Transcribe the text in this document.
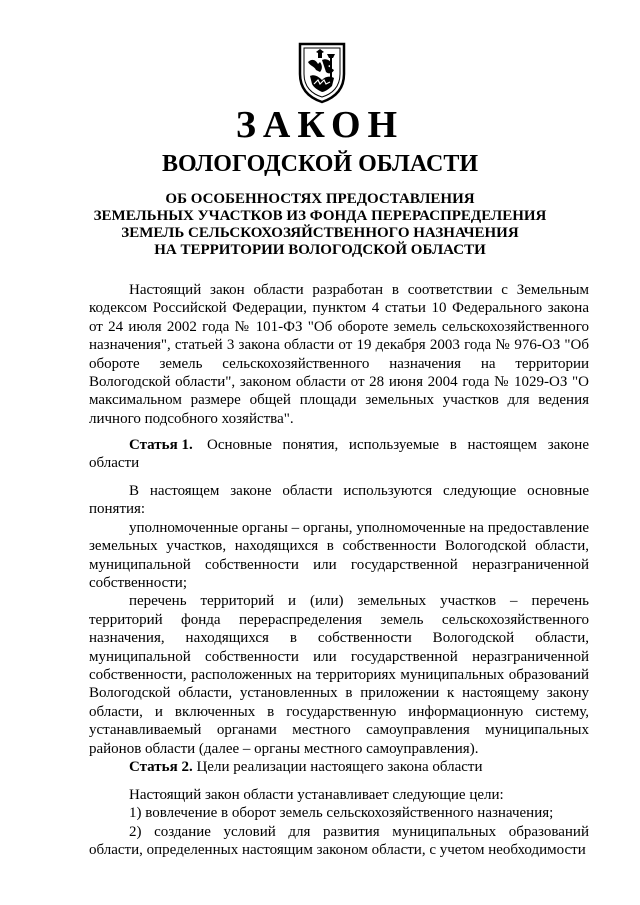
ЗАКОН
ВОЛОГОДСКОЙ ОБЛАСТИ
ОБ ОСОБЕННОСТЯХ ПРЕДОСТАВЛЕНИЯ
ЗЕМЕЛЬНЫХ УЧАСТКОВ ИЗ ФОНДА ПЕРЕРАСПРЕДЕЛЕНИЯ
ЗЕМЕЛЬ СЕЛЬСКОХОЗЯЙСТВЕННОГО НАЗНАЧЕНИЯ
НА ТЕРРИТОРИИ ВОЛОГОДСКОЙ ОБЛАСТИ

Настоящий закон области разработан в соответствии с Земельным кодексом Российской Федерации, пунктом 4 статьи 10 Федерального закона от 24 июля 2002 года № 101-ФЗ "Об обороте земель сельскохозяйственного назначения", статьей 3 закона области от 19 декабря 2003 года № 976-ОЗ "Об обороте земель сельскохозяйственного назначения на территории Вологодской области", законом области от 28 июня 2004 года № 1029-ОЗ "О максимальном размере общей площади земельных участков для ведения личного подсобного хозяйства".

Статья 1. Основные понятия, используемые в настоящем законе
области

В настоящем законе области используются следующие основные понятия:

уполномоченные органы – органы, уполномоченные на предоставление земельных участков, находящихся в собственности Вологодской области, муниципальной собственности или государственной неразграниченной собственности;

перечень территорий и (или) земельных участков – перечень территорий фонда перераспределения земель сельскохозяйственного назначения, находящихся в собственности Вологодской области, муниципальной собственности или государственной неразграниченной собственности, расположенных на территориях муниципальных образований Вологодской области, установленных в приложении к настоящему закону области, и включенных в государственную информационную систему, устанавливаемый органами местного самоуправления муниципальных районов области (далее – органы местного самоуправления).

Статья 2. Цели реализации настоящего закона области

Настоящий закон области устанавливает следующие цели:

1) вовлечение в оборот земель сельскохозяйственного назначения;

2) создание условий для развития муниципальных образований области, определенных настоящим законом области, с учетом необходимости
